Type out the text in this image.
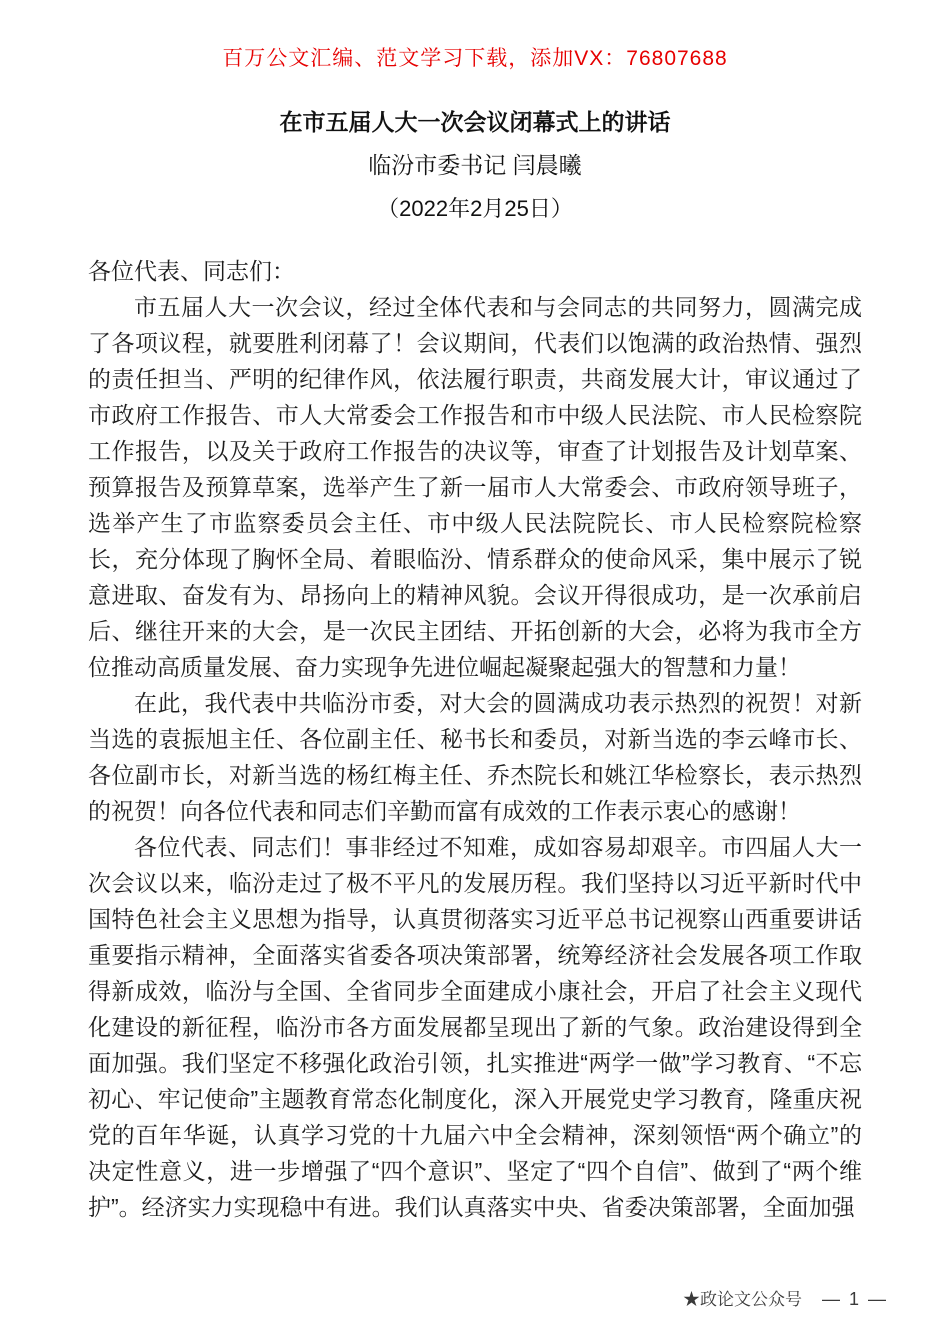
百万公文汇编、范文学习下载，添加VX：76807688
在市五届人大一次会议闭幕式上的讲话
临汾市委书记 闫晨曦
（2022年2月25日）

各位代表、同志们：

市五届人大一次会议，经过全体代表和与会同志的共同努力，圆满完成了各项议程，就要胜利闭幕了！会议期间，代表们以饱满的政治热情、强烈的责任担当、严明的纪律作风，依法履行职责，共商发展大计，审议通过了市政府工作报告、市人大常委会工作报告和市中级人民法院、市人民检察院工作报告，以及关于政府工作报告的决议等，审查了计划报告及计划草案、预算报告及预算草案，选举产生了新一届市人大常委会、市政府领导班子，选举产生了市监察委员会主任、市中级人民法院院长、市人民检察院检察长，充分体现了胸怀全局、着眼临汾、情系群众的使命风采，集中展示了锐意进取、奋发有为、昂扬向上的精神风貌。会议开得很成功，是一次承前启后、继往开来的大会，是一次民主团结、开拓创新的大会，必将为我市全方位推动高质量发展、奋力实现争先进位崛起凝聚起强大的智慧和力量！

在此，我代表中共临汾市委，对大会的圆满成功表示热烈的祝贺！对新当选的袁振旭主任、各位副主任、秘书长和委员，对新当选的李云峰市长、各位副市长，对新当选的杨红梅主任、乔杰院长和姚江华检察长，表示热烈的祝贺！向各位代表和同志们辛勤而富有成效的工作表示衷心的感谢！

各位代表、同志们！事非经过不知难，成如容易却艰辛。市四届人大一次会议以来，临汾走过了极不平凡的发展历程。我们坚持以习近平新时代中国特色社会主义思想为指导，认真贯彻落实习近平总书记视察山西重要讲话重要指示精神，全面落实省委各项决策部署，统筹经济社会发展各项工作取得新成效，临汾与全国、全省同步全面建成小康社会，开启了社会主义现代化建设的新征程，临汾市各方面发展都呈现出了新的气象。政治建设得到全面加强。我们坚定不移强化政治引领，扎实推进“两学一做”学习教育、“不忘初心、牢记使命”主题教育常态化制度化，深入开展党史学习教育，隆重庆祝党的百年华诞，认真学习党的十九届六中全会精神，深刻领悟“两个确立”的决定性意义，进一步增强了“四个意识”、坚定了“四个自信”、做到了“两个维护”。经济实力实现稳中有进。我们认真落实中央、省委决策部署，全面加强

★政论文公众号 — 1 —
